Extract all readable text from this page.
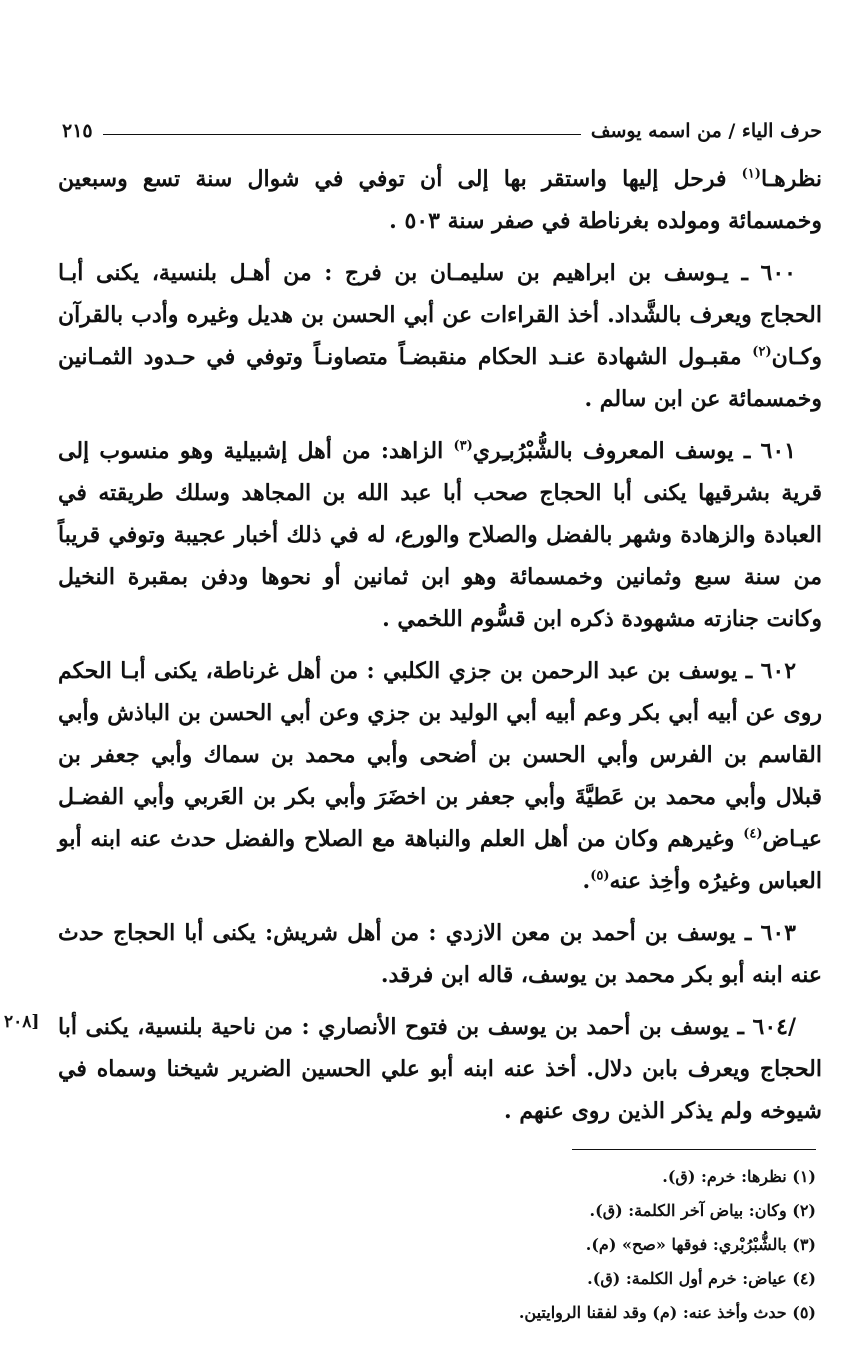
حرف الياء / من اسمه يوسف
٢١٥

نظرهـا$^{(١)}$ فرحل إليها واستقر بها إلى أن توفي في شوال سنة تسع وسبعين وخمسمائة ومولده بغرناطة في صفر سنة ٥٠٣ .

٦٠٠ ـ يـوسف بن ابراهيم بن سليمـان بن فرج : من أهـل بلنسية، يكنى أبـا الحجاج ويعرف بالشَّداد. أخذ القراءات عن أبي الحسن بن هديل وغيره وأدب بالقرآن وكـان$^{(٢)}$ مقبـول الشهادة عنـد الحكام منقبضـاً متصاونـاً وتوفي في حـدود الثمـانين وخمسمائة عن ابن سالم .

٦٠١ ـ يوسف المعروف بالشُّبْرُبـِري$^{(٣)}$ الزاهد: من أهل إشبيلية وهو منسوب إلى قرية بشرقيها يكنى أبا الحجاج صحب أبا عبد الله بن المجاهد وسلك طريقته في العبادة والزهادة وشهر بالفضل والصلاح والورع، له في ذلك أخبار عجيبة وتوفي قريباً من سنة سبع وثمانين وخمسمائة وهو ابن ثمانين أو نحوها ودفن بمقبرة النخيل وكانت جنازته مشهودة ذكره ابن قسُّوم اللخمي .

٦٠٢ ـ يوسف بن عبد الرحمن بن جزي الكلبي : من أهل غرناطة، يكنى أبـا الحكم روى عن أبيه أبي بكر وعم أبيه أبي الوليد بن جزي وعن أبي الحسن بن الباذش وأبي القاسم بن الفرس وأبي الحسن بن أضحى وأبي محمد بن سماك وأبي جعفر بن قبلال وأبي محمد بن عَطيَّةَ وأبي جعفر بن اخضَرَ وأبي بكر بن العَربي وأبي الفضـل عيـاض$^{(٤)}$ وغيرهم وكان من أهل العلم والنباهة مع الصلاح والفضل حدث عنه ابنه أبو العباس وغيرُه وأخِذ عنه$^{(٥)}$.

٦٠٣ ـ يوسف بن أحمد بن معن الازدي : من أهل شريش: يكنى أبا الحجاج حدث عنه ابنه أبو بكر محمد بن يوسف، قاله ابن فرقد.

/٦٠٤ ـ يوسف بن أحمد بن يوسف بن فتوح الأنصاري : من ناحية بلنسية، يكنى أبا الحجاج ويعرف بابن دلال. أخذ عنه ابنه أبو علي الحسين الضرير شيخنا وسماه في شيوخه ولم يذكر الذين روى عنهم .

[٢٠٨

(١) نظرها: خرم: (ق).

(٢) وكان: بياض آخر الكلمة: (ق).

(٣) بالشُّبْرُبْري: فوقها «صح» (م).

(٤) عياض: خرم أول الكلمة: (ق).

(٥) حدث وأخذ عنه: (م) وقد لفقنا الروايتين.
